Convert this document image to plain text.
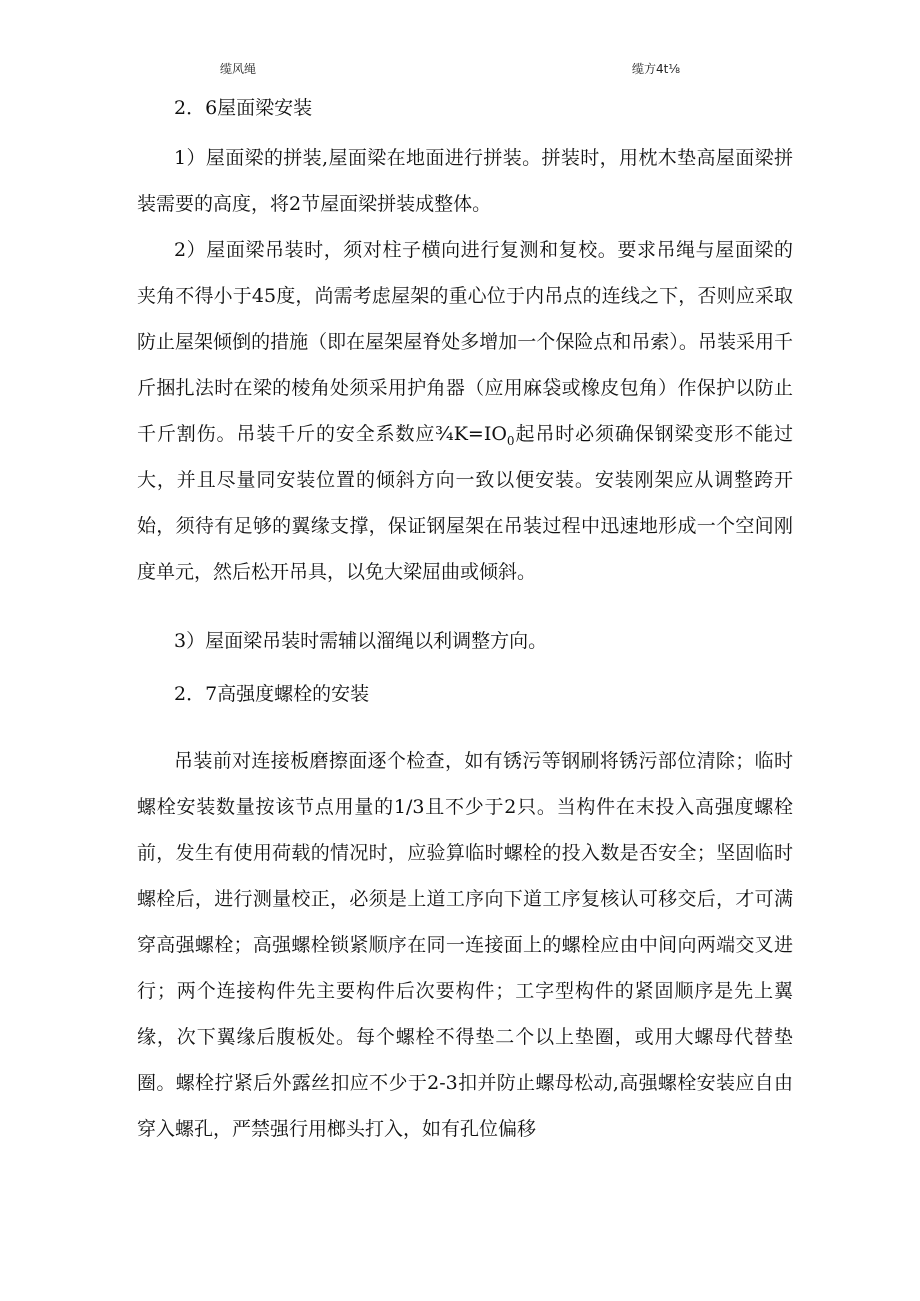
缆风绳	缆方4t⅛

2．6屋面梁安装

1）屋面梁的拼装,屋面梁在地面进行拼装。拼装时，用枕木垫高屋面梁拼装需要的高度，将2节屋面梁拼装成整体。

2）屋面梁吊装时，须对柱子横向进行复测和复校。要求吊绳与屋面梁的夹角不得小于45度，尚需考虑屋架的重心位于内吊点的连线之下，否则应采取防止屋架倾倒的措施（即在屋架屋脊处多增加一个保险点和吊索）。吊装采用千斤捆扎法时在梁的棱角处须采用护角器（应用麻袋或橡皮包角）作保护以防止千斤割伤。吊装千斤的安全系数应$\frac{3}{4}K=IO_0$起吊时必须确保钢梁变形不能过大，并且尽量同安装位置的倾斜方向一致以便安装。安装刚架应从调整跨开始，须待有足够的翼缘支撑，保证钢屋架在吊装过程中迅速地形成一个空间刚度单元，然后松开吊具，以免大梁屈曲或倾斜。

3）屋面梁吊装时需辅以溜绳以利调整方向。

2．7高强度螺栓的安装

吊装前对连接板磨擦面逐个检查，如有锈污等钢刷将锈污部位清除；临时螺栓安装数量按该节点用量的1/3且不少于2只。当构件在末投入高强度螺栓前，发生有使用荷载的情况时，应验算临时螺栓的投入数是否安全；坚固临时螺栓后，进行测量校正，必须是上道工序向下道工序复核认可移交后，才可满穿高强螺栓；高强螺栓锁紧顺序在同一连接面上的螺栓应由中间向两端交叉进行；两个连接构件先主要构件后次要构件；工字型构件的紧固顺序是先上翼缘，次下翼缘后腹板处。每个螺栓不得垫二个以上垫圈，或用大螺母代替垫圈。螺栓拧紧后外露丝扣应不少于2-3扣并防止螺母松动,高强螺栓安装应自由穿入螺孔，严禁强行用榔头打入，如有孔位偏移
